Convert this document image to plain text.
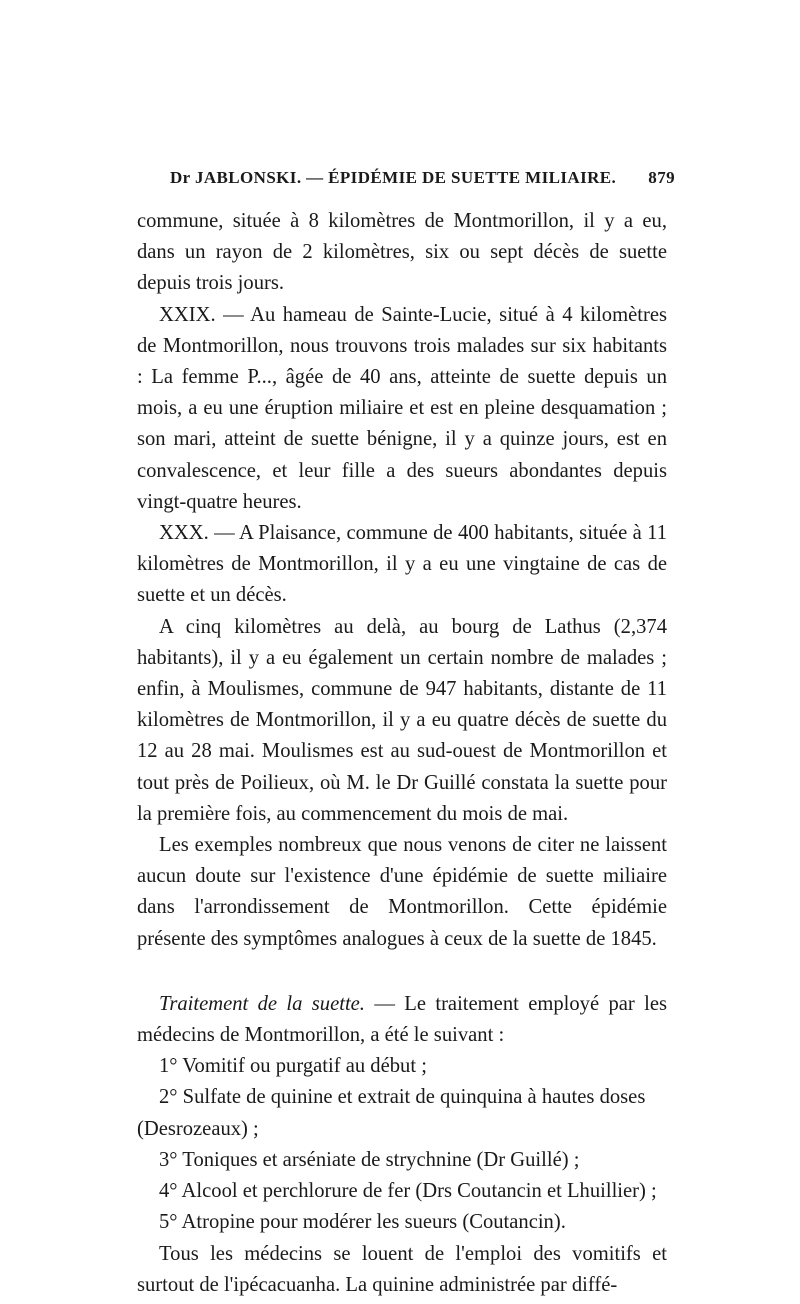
Dr JABLONSKI. — ÉPIDÉMIE DE SUETTE MILIAIRE. 879

commune, située à 8 kilomètres de Montmorillon, il y a eu, dans un rayon de 2 kilomètres, six ou sept décès de suette depuis trois jours.

XXIX. — Au hameau de Sainte-Lucie, situé à 4 kilomètres de Montmorillon, nous trouvons trois malades sur six habitants : La femme P..., âgée de 40 ans, atteinte de suette depuis un mois, a eu une éruption miliaire et est en pleine desquamation ; son mari, atteint de suette bénigne, il y a quinze jours, est en convalescence, et leur fille a des sueurs abondantes depuis vingt-quatre heures.

XXX. — A Plaisance, commune de 400 habitants, située à 11 kilomètres de Montmorillon, il y a eu une vingtaine de cas de suette et un décès.

A cinq kilomètres au delà, au bourg de Lathus (2,374 habitants), il y a eu également un certain nombre de malades ; enfin, à Moulismes, commune de 947 habitants, distante de 11 kilomètres de Montmorillon, il y a eu quatre décès de suette du 12 au 28 mai. Moulismes est au sud-ouest de Montmorillon et tout près de Poilieux, où M. le Dr Guillé constata la suette pour la première fois, au commencement du mois de mai.

Les exemples nombreux que nous venons de citer ne laissent aucun doute sur l'existence d'une épidémie de suette miliaire dans l'arrondissement de Montmorillon. Cette épidémie présente des symptômes analogues à ceux de la suette de 1845.

Traitement de la suette. — Le traitement employé par les médecins de Montmorillon, a été le suivant :

1° Vomitif ou purgatif au début ;

2° Sulfate de quinine et extrait de quinquina à hautes doses (Desrozeaux) ;

3° Toniques et arséniate de strychnine (Dr Guillé) ;

4° Alcool et perchlorure de fer (Drs Coutancin et Lhuillier) ;

5° Atropine pour modérer les sueurs (Coutancin).

Tous les médecins se louent de l'emploi des vomitifs et surtout de l'ipécacuanha. La quinine administrée par diffé-
